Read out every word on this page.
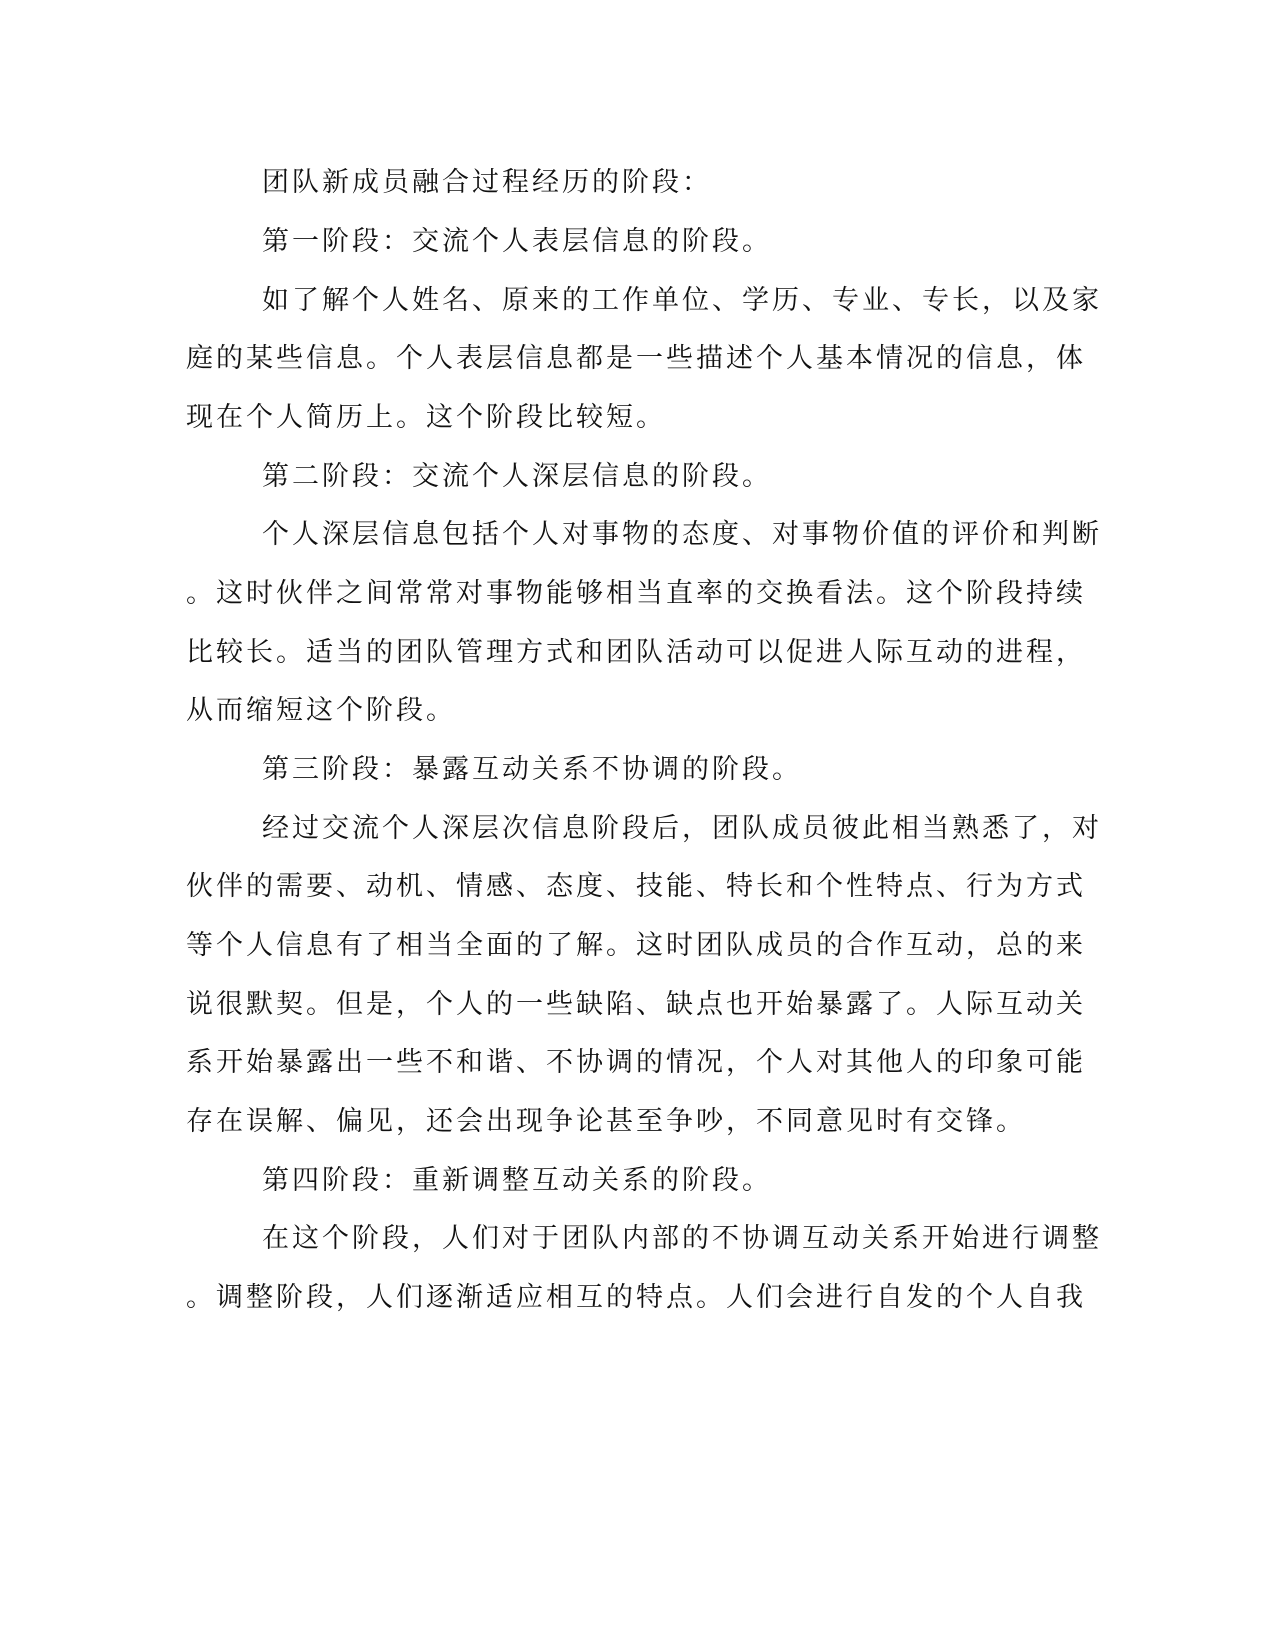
团队新成员融合过程经历的阶段：
第一阶段：交流个人表层信息的阶段。
如了解个人姓名、原来的工作单位、学历、专业、专长，以及家
庭的某些信息。个人表层信息都是一些描述个人基本情况的信息，体
现在个人简历上。这个阶段比较短。
第二阶段：交流个人深层信息的阶段。
个人深层信息包括个人对事物的态度、对事物价值的评价和判断
。这时伙伴之间常常对事物能够相当直率的交换看法。这个阶段持续
比较长。适当的团队管理方式和团队活动可以促进人际互动的进程，
从而缩短这个阶段。
第三阶段：暴露互动关系不协调的阶段。
经过交流个人深层次信息阶段后，团队成员彼此相当熟悉了，对
伙伴的需要、动机、情感、态度、技能、特长和个性特点、行为方式
等个人信息有了相当全面的了解。这时团队成员的合作互动，总的来
说很默契。但是，个人的一些缺陷、缺点也开始暴露了。人际互动关
系开始暴露出一些不和谐、不协调的情况，个人对其他人的印象可能
存在误解、偏见，还会出现争论甚至争吵，不同意见时有交锋。
第四阶段：重新调整互动关系的阶段。
在这个阶段，人们对于团队内部的不协调互动关系开始进行调整
。调整阶段，人们逐渐适应相互的特点。人们会进行自发的个人自我
